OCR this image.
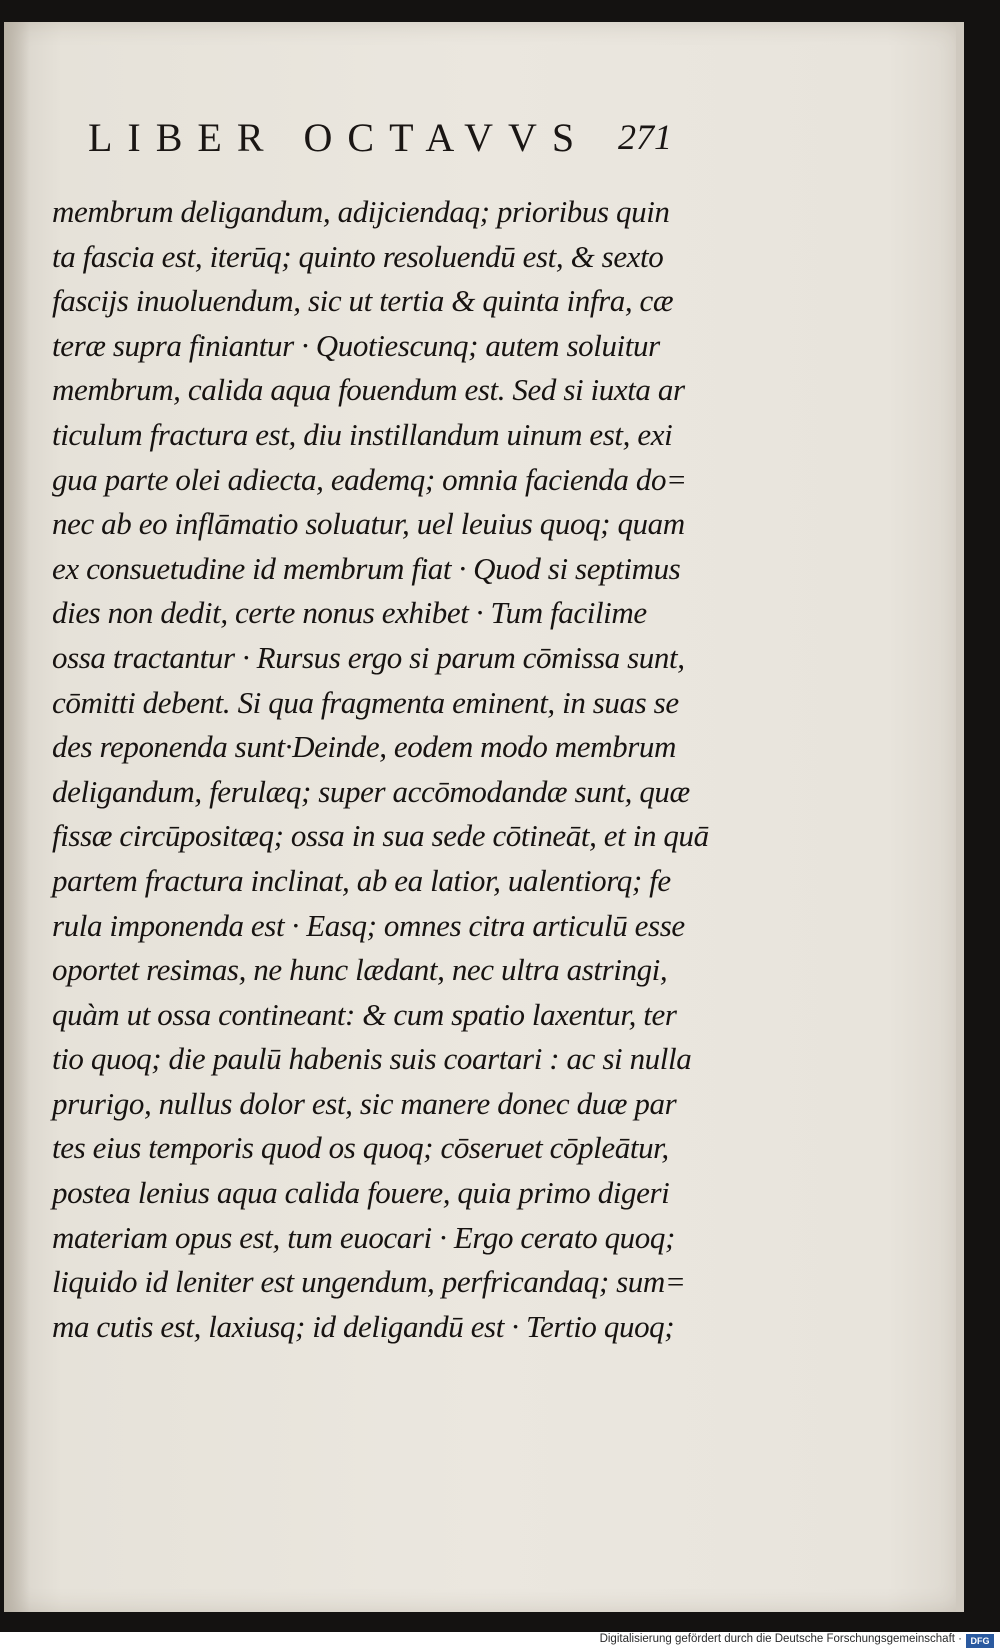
LIBER OCTAVVS 271
membrum deligandum, adijciendaq; prioribus quin
ta fascia est, iterūq; quinto resoluendū est, & sexto
fascijs inuoluendum, sic ut tertia & quinta infra, cæ
teræ supra finiantur · Quotiescunq; autem soluitur
membrum, calida aqua fouendum est. Sed si iuxta ar
ticulum fractura est, diu instillandum uinum est, exi
gua parte olei adiecta, eademq; omnia facienda do=
nec ab eo inflāmatio soluatur, uel leuius quoq; quam
ex consuetudine id membrum fiat · Quod si septimus
dies non dedit, certe nonus exhibet · Tum facilime
ossa tractantur · Rursus ergo si parum cōmissa sunt,
cōmitti debent. Si qua fragmenta eminent, in suas se
des reponenda sunt·Deinde, eodem modo membrum
deligandum, ferulæq; super accōmodandæ sunt, quæ
fissæ circūpositæq; ossa in sua sede cōtineāt, et in quā
partem fractura inclinat, ab ea latior, ualentiorq; fe
rula imponenda est · Easq; omnes citra articulū esse
oportet resimas, ne hunc lædant, nec ultra astringi,
quàm ut ossa contineant: & cum spatio laxentur, ter
tio quoq; die paulū habenis suis coartari : ac si nulla
prurigo, nullus dolor est, sic manere donec duæ par
tes eius temporis quod os quoq; cōseruet cōpleātur,
postea lenius aqua calida fouere, quia primo digeri
materiam opus est, tum euocari · Ergo cerato quoq;
liquido id leniter est ungendum, perfricandaq; sum=
ma cutis est, laxiusq; id deligandū est · Tertio quoq;
Digitalisierung gefördert durch die Deutsche Forschungsgemeinschaft · DFG
